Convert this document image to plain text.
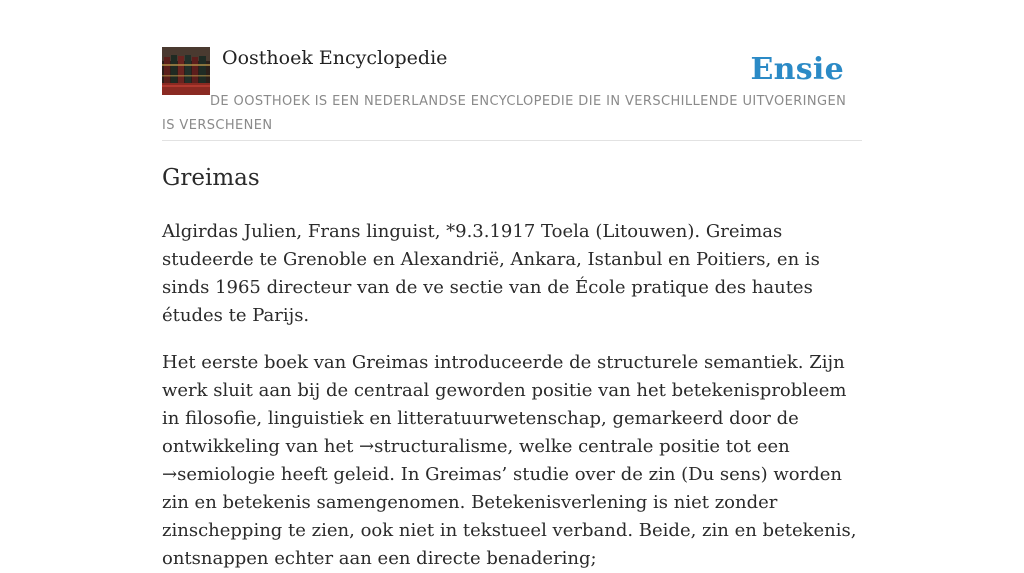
Oosthoek Encyclopedie	Ensie
DE OOSTHOEK IS EEN NEDERLANDSE ENCYCLOPEDIE DIE IN VERSCHILLENDE UITVOERINGEN IS VERSCHENEN
Greimas

Algirdas Julien, Frans linguist, *9.3.1917 Toela (Litouwen). Greimas studeerde te Grenoble en Alexandrië, Ankara, Istanbul en Poitiers, en is sinds 1965 directeur van de ve sectie van de École pratique des hautes études te Parijs.

Het eerste boek van Greimas introduceerde de structurele semantiek. Zijn werk sluit aan bij de centraal geworden positie van het betekenisprobleem in filosofie, linguistiek en litteratuurwetenschap, gemarkeerd door de ontwikkeling van het →structuralisme, welke centrale positie tot een →semiologie heeft geleid. In Greimas’ studie over de zin (Du sens) worden zin en betekenis samengenomen. Betekenisverlening is niet zonder zinschepping te zien, ook niet in tekstueel verband. Beide, zin en betekenis, ontsnappen echter aan een directe benadering;
